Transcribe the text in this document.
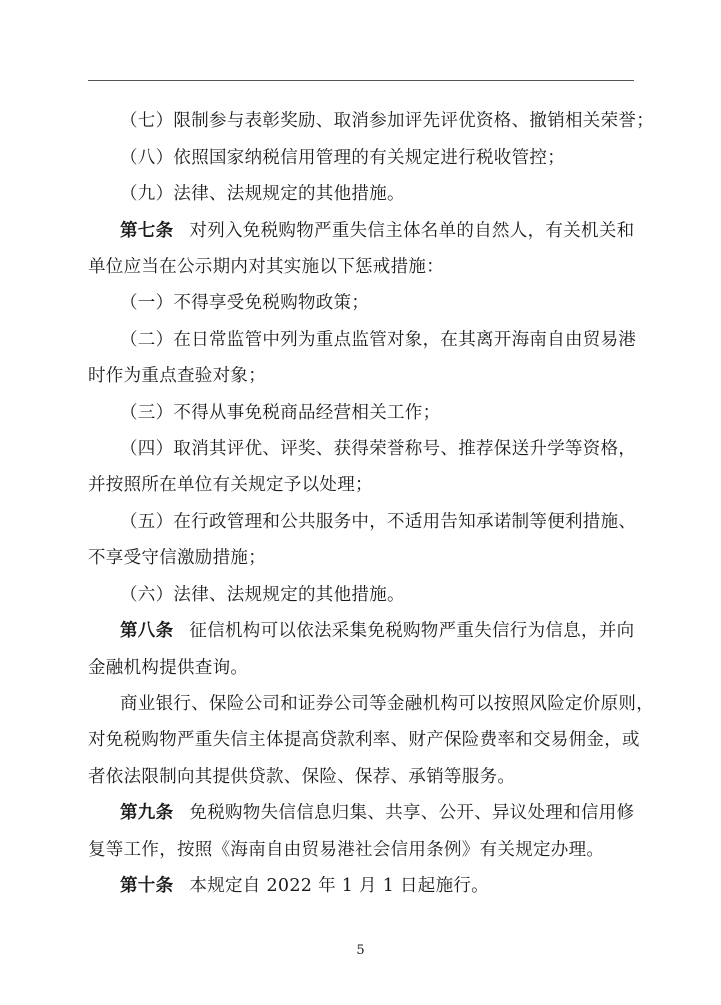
（七）限制参与表彰奖励、取消参加评先评优资格、撤销相关荣誉；
（八）依照国家纳税信用管理的有关规定进行税收管控；
（九）法律、法规规定的其他措施。
第七条 对列入免税购物严重失信主体名单的自然人，有关机关和
单位应当在公示期内对其实施以下惩戒措施：
（一）不得享受免税购物政策；
（二）在日常监管中列为重点监管对象，在其离开海南自由贸易港
时作为重点查验对象；
（三）不得从事免税商品经营相关工作；
（四）取消其评优、评奖、获得荣誉称号、推荐保送升学等资格，
并按照所在单位有关规定予以处理；
（五）在行政管理和公共服务中，不适用告知承诺制等便利措施、
不享受守信激励措施；
（六）法律、法规规定的其他措施。
第八条 征信机构可以依法采集免税购物严重失信行为信息，并向
金融机构提供查询。
商业银行、保险公司和证券公司等金融机构可以按照风险定价原则，
对免税购物严重失信主体提高贷款利率、财产保险费率和交易佣金，或
者依法限制向其提供贷款、保险、保荐、承销等服务。
第九条 免税购物失信信息归集、共享、公开、异议处理和信用修
复等工作，按照《海南自由贸易港社会信用条例》有关规定办理。
第十条 本规定自 2022 年 1 月 1 日起施行。
5
